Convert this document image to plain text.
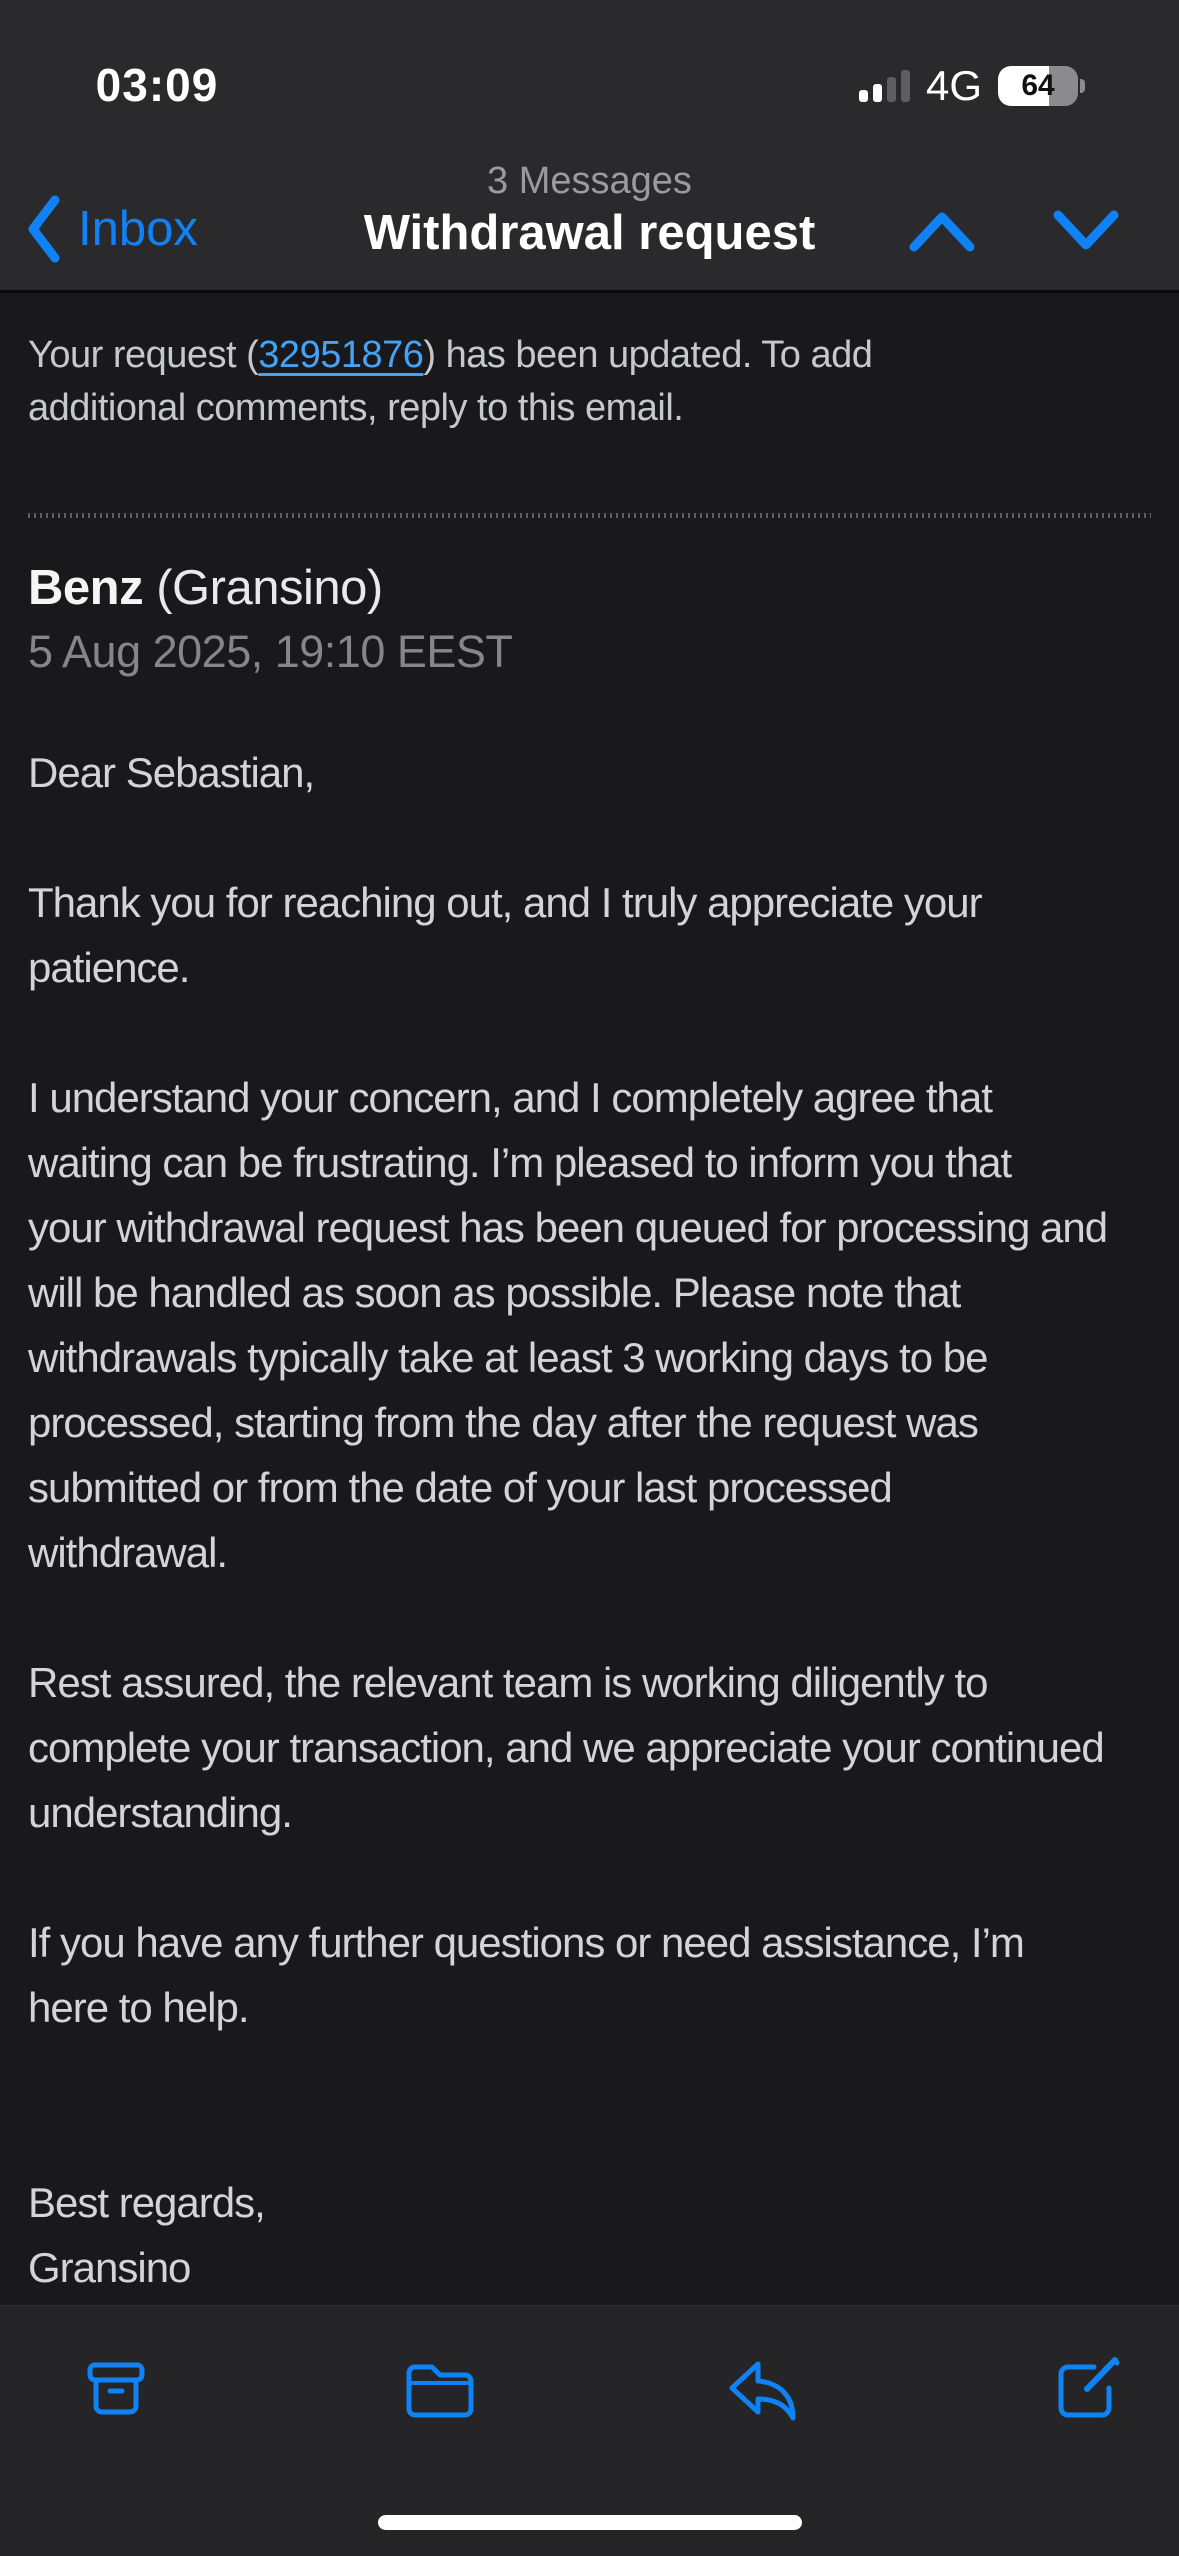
03:09	4G	64
3 Messages
Withdrawal request
Inbox
Your request (32951876) has been updated. To add
additional comments, reply to this email.
Benz (Gransino)
5 Aug 2025, 19:10 EEST
Dear Sebastian,
Thank you for reaching out, and I truly appreciate your
patience.
I understand your concern, and I completely agree that
waiting can be frustrating. I’m pleased to inform you that
your withdrawal request has been queued for processing and
will be handled as soon as possible. Please note that
withdrawals typically take at least 3 working days to be
processed, starting from the day after the request was
submitted or from the date of your last processed
withdrawal.
Rest assured, the relevant team is working diligently to
complete your transaction, and we appreciate your continued
understanding.
If you have any further questions or need assistance, I’m
here to help.
Best regards,
Gransino
